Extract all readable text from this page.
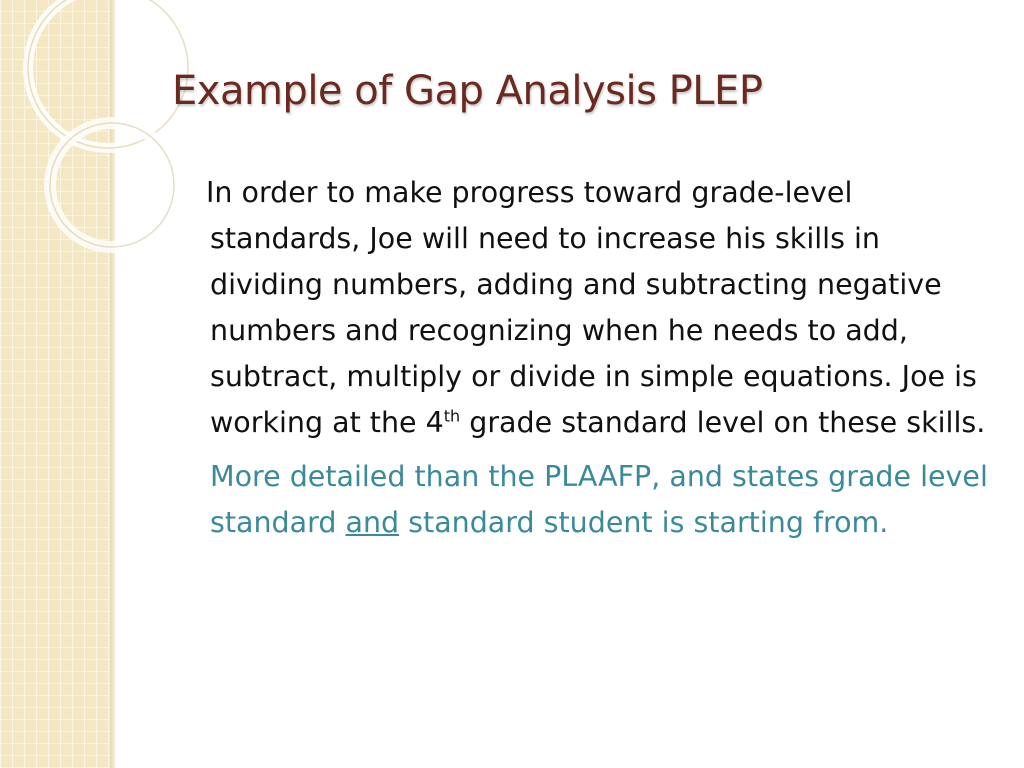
Example of Gap Analysis PLEP

In order to make progress toward grade-level standards, Joe will need to increase his skills in dividing numbers, adding and subtracting negative numbers and recognizing when he needs to add, subtract, multiply or divide in simple equations. Joe is working at the 4th grade standard level on these skills.

More detailed than the PLAAFP, and states grade level standard and standard student is starting from.
